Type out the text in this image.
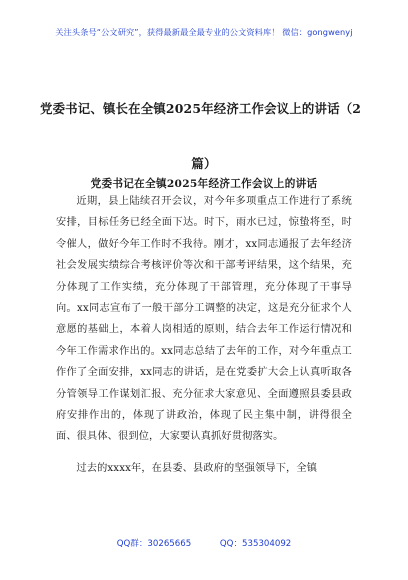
关注头条号“公文研究”，获得最新最全最专业的公文资料库！ 微信：gongwenyj
党委书记、镇长在全镇2025年经济工作会议上的讲话（2
篇）
党委书记在全镇2025年经济工作会议上的讲话

近期，县上陆续召开会议，对今年多项重点工作进行了系统安排，目标任务已经全面下达。时下，雨水已过，惊蛰将至，时令催人，做好今年工作时不我待。刚才，xx同志通报了去年经济社会发展实绩综合考核评价等次和干部考评结果，这个结果，充分体现了工作实绩，充分体现了干部管理，充分体现了干事导向。xx同志宣布了一般干部分工调整的决定，这是充分征求个人意愿的基础上，本着人岗相适的原则，结合去年工作运行情况和今年工作需求作出的。xx同志总结了去年的工作，对今年重点工作作了全面安排，xx同志的讲话，是在党委扩大会上认真听取各分管领导工作谋划汇报、充分征求大家意见、全面遵照县委县政府安排作出的，体现了讲政治，体现了民主集中制，讲得很全面、很具体、很到位，大家要认真抓好贯彻落实。

过去的xxxx年，在县委、县政府的坚强领导下，全镇

QQ群：30265665	QQ：535304092
